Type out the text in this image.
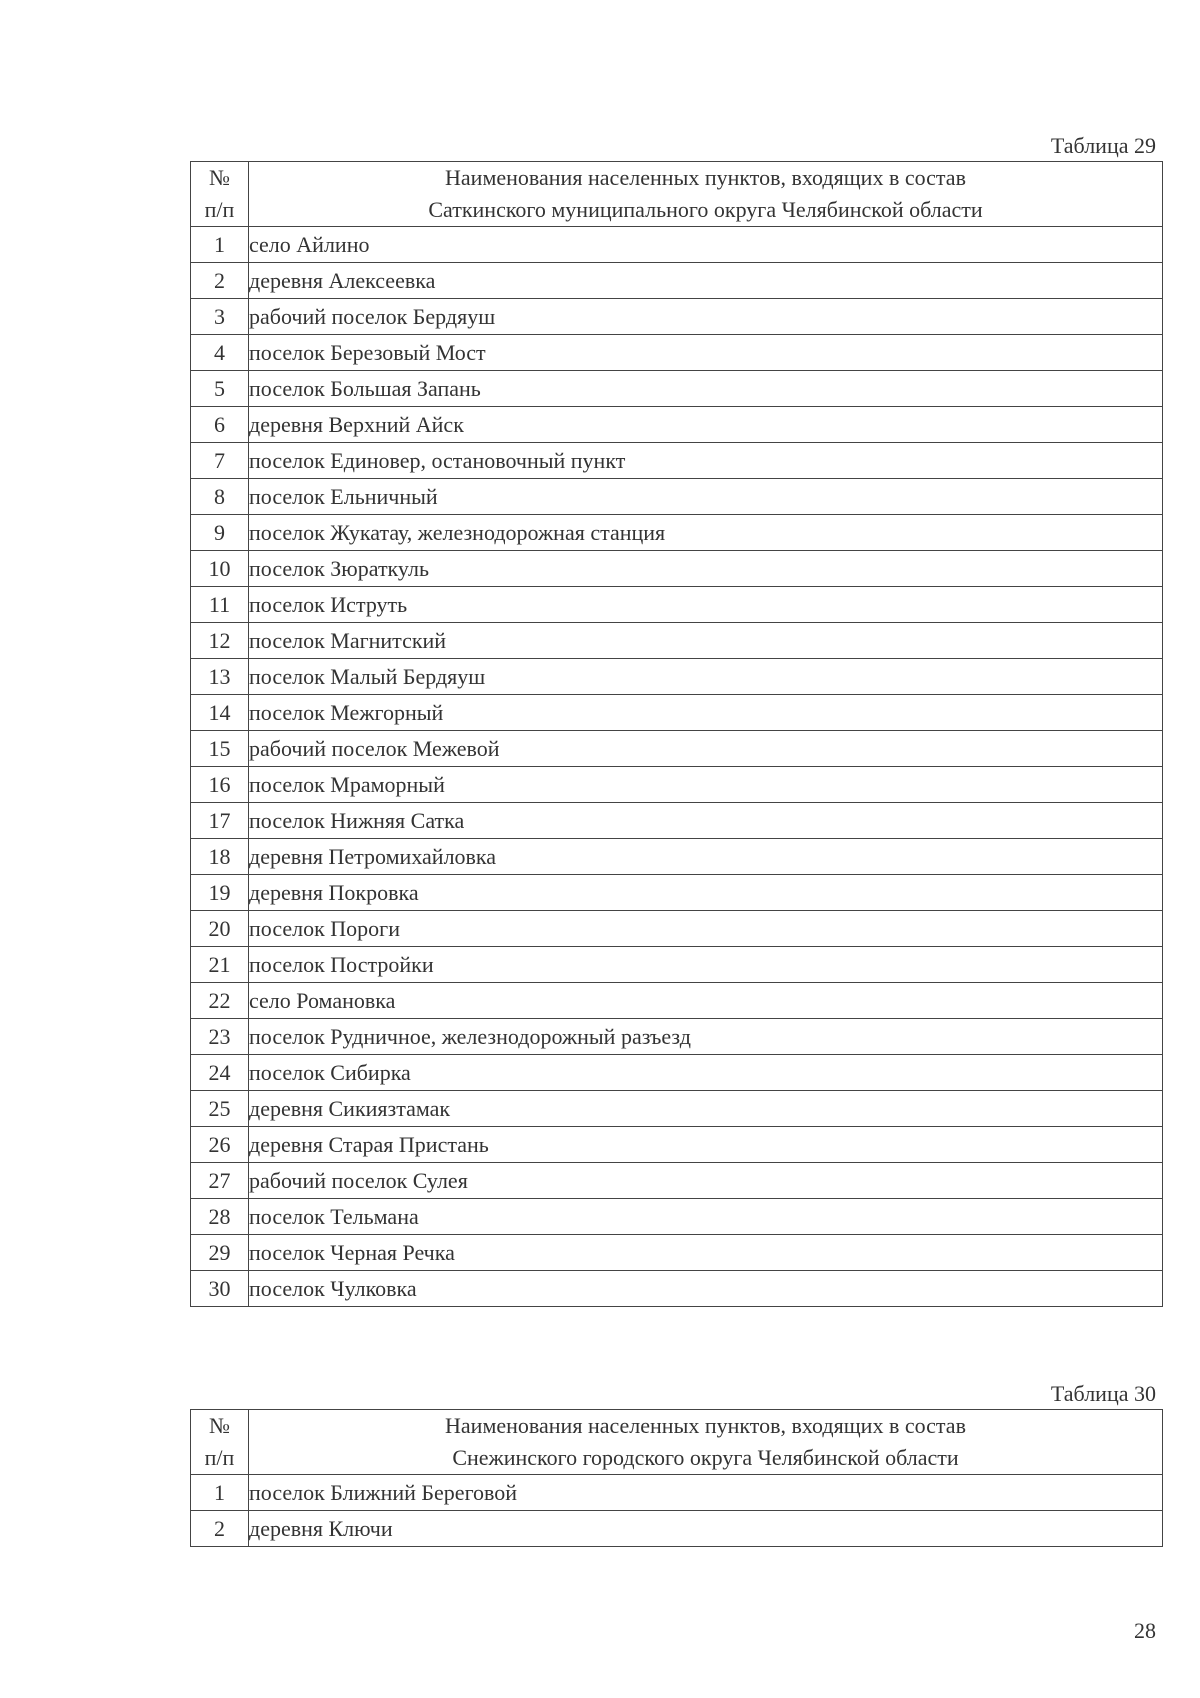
Таблица 29
№
п/п	Наименования населенных пунктов, входящих в состав
Саткинского муниципального округа Челябинской области

1	село Айлино
2	деревня Алексеевка
3	рабочий поселок Бердяуш
4	поселок Березовый Мост
5	поселок Большая Запань
6	деревня Верхний Айск
7	поселок Единовер, остановочный пункт
8	поселок Ельничный
9	поселок Жукатау, железнодорожная станция
10	поселок Зюраткуль
11	поселок Иструть
12	поселок Магнитский
13	поселок Малый Бердяуш
14	поселок Межгорный
15	рабочий поселок Межевой
16	поселок Мраморный
17	поселок Нижняя Сатка
18	деревня Петромихайловка
19	деревня Покровка
20	поселок Пороги
21	поселок Постройки
22	село Романовка
23	поселок Рудничное, железнодорожный разъезд
24	поселок Сибирка
25	деревня Сикиязтамак
26	деревня Старая Пристань
27	рабочий поселок Сулея
28	поселок Тельмана
29	поселок Черная Речка
30	поселок Чулковка
Таблица 30
№
п/п	Наименования населенных пунктов, входящих в состав
Снежинского городского округа Челябинской области

1	поселок Ближний Береговой
2	деревня Ключи
28
